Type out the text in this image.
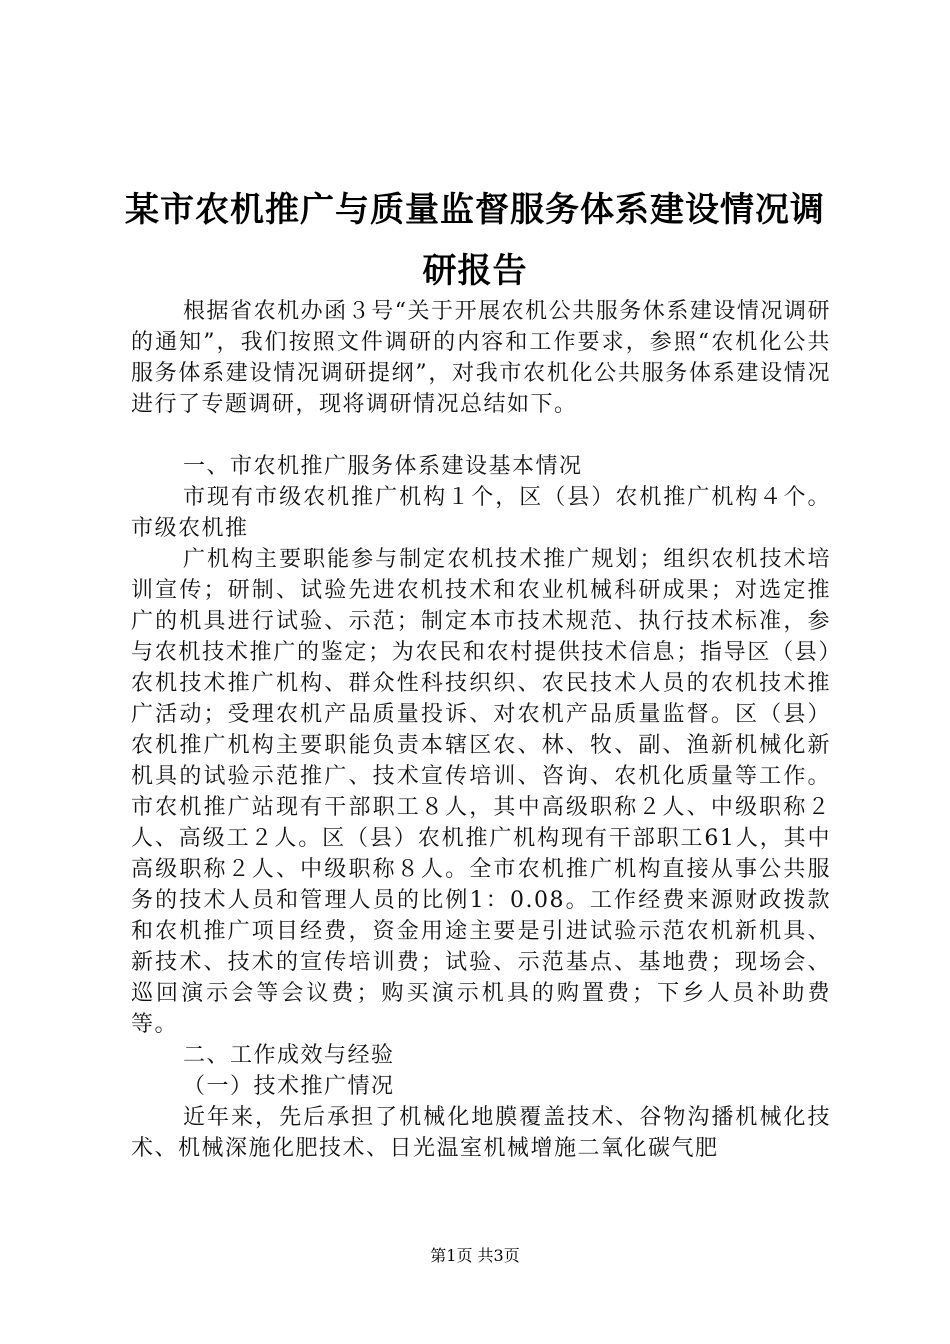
某市农机推广与质量监督服务体系建设情况调
研报告

根据省农机办函３号“关于开展农机公共服务休系建设情况调研的通知”，我们按照文件调研的内容和工作要求，参照“农机化公共服务体系建设情况调研提纲”，对我市农机化公共服务体系建设情况进行了专题调研，现将调研情况总结如下。

一、市农机推广服务体系建设基本情况

市现有市级农机推广机构１个，区（县）农机推广机构４个。市级农机推

广机构主要职能参与制定农机技术推广规划；组织农机技术培训宣传；研制、试验先进农机技术和农业机械科研成果；对选定推广的机具进行试验、示范；制定本市技术规范、执行技术标准，参与农机技术推广的鉴定；为农民和农村提供技术信息；指导区（县）农机技术推广机构、群众性科技织织、农民技术人员的农机技术推广活动；受理农机产品质量投诉、对农机产品质量监督。区（县）农机推广机构主要职能负责本辖区农、林、牧、副、渔新机械化新机具的试验示范推广、技术宣传培训、咨询、农机化质量等工作。市农机推广站现有干部职工８人，其中高级职称２人、中级职称２人、高级工２人。区（县）农机推广机构现有干部职工61人，其中高级职称２人、中级职称８人。全市农机推广机构直接从事公共服务的技术人员和管理人员的比例1：0.08。工作经费来源财政拨款和农机推广项目经费，资金用途主要是引进试验示范农机新机具、新技术、技术的宣传培训费；试验、示范基点、基地费；现场会、巡回演示会等会议费；购买演示机具的购置费；下乡人员补助费等。

二、工作成效与经验

（一）技术推广情况

近年来，先后承担了机械化地膜覆盖技术、谷物沟播机械化技术、机械深施化肥技术、日光温室机械增施二氧化碳气肥

第1页 共3页
